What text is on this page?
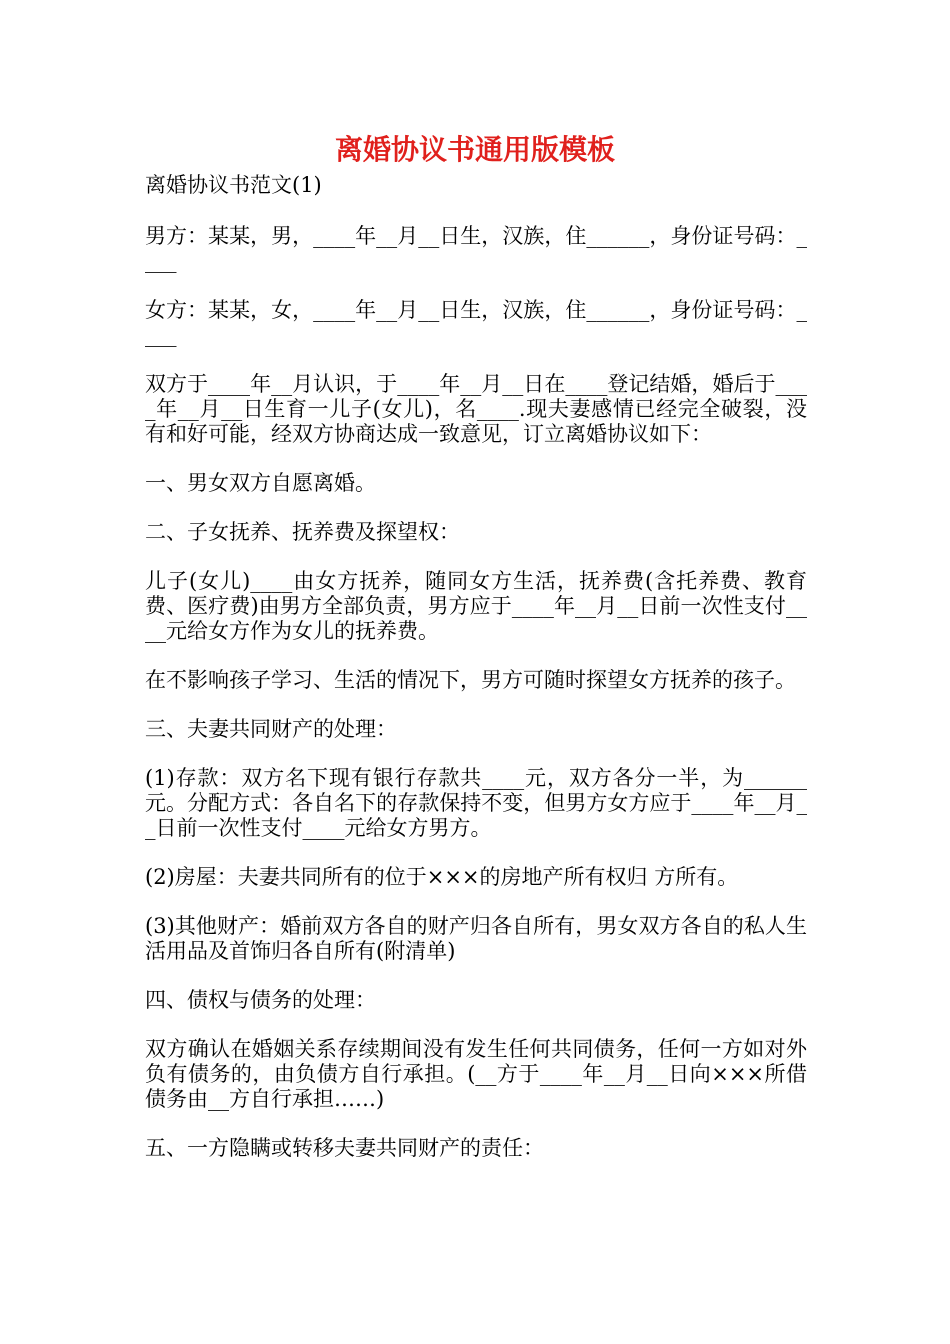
离婚协议书通用版模板

离婚协议书范文(1)

男方：某某，男，____年__月__日生，汉族，住______，身份证号码：____

女方：某某，女，____年__月__日生，汉族，住______，身份证号码：____

双方于____年__月认识，于____年__月__日在____登记结婚，婚后于____年__月__日生育一儿子(女儿)，名____.现夫妻感情已经完全破裂，没有和好可能，经双方协商达成一致意见，订立离婚协议如下：

一、男女双方自愿离婚。

二、子女抚养、抚养费及探望权：

儿子(女儿)____由女方抚养，随同女方生活，抚养费(含托养费、教育费、医疗费)由男方全部负责，男方应于____年__月__日前一次性支付____元给女方作为女儿的抚养费。

在不影响孩子学习、生活的情况下，男方可随时探望女方抚养的孩子。

三、夫妻共同财产的处理：

(1)存款：双方名下现有银行存款共____元，双方各分一半，为______元。分配方式：各自名下的存款保持不变，但男方女方应于____年__月__日前一次性支付____元给女方男方。

(2)房屋：夫妻共同所有的位于×××的房地产所有权归 方所有。

(3)其他财产：婚前双方各自的财产归各自所有，男女双方各自的私人生活用品及首饰归各自所有(附清单)

四、债权与债务的处理：

双方确认在婚姻关系存续期间没有发生任何共同债务，任何一方如对外负有债务的，由负债方自行承担。(__方于____年__月__日向×××所借债务由__方自行承担……)

五、一方隐瞒或转移夫妻共同财产的责任：
